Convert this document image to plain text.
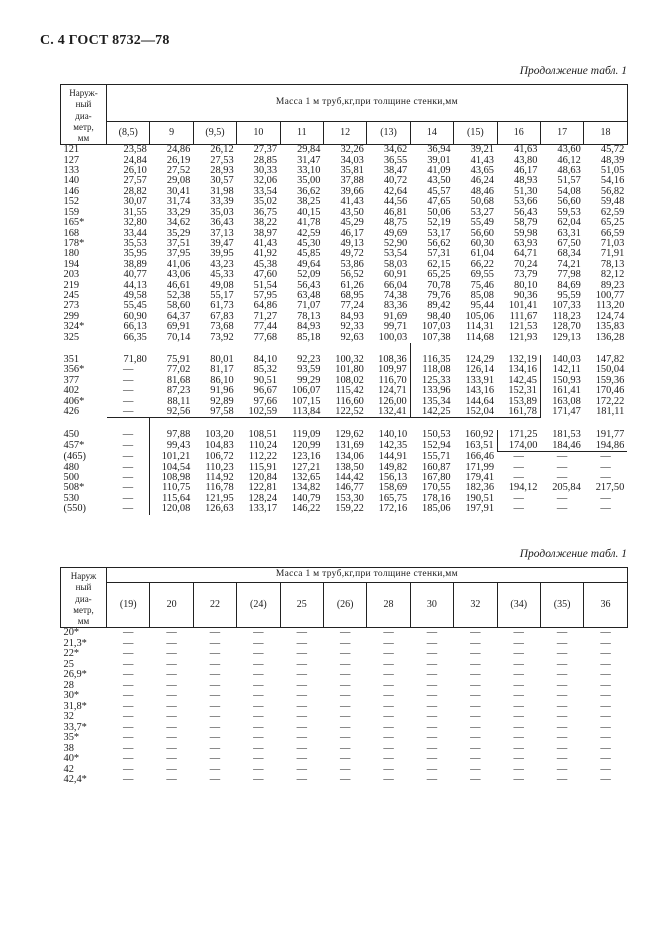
С. 4 ГОСТ 8732—78
Продолжение табл. 1
Продолжение табл. 1
Наруж-
ный
диа-
метр,
мм	Масса 1 м труб,кг,при толщине стенки,мм											
	(8,5)	9	(9,5)	10	11	12	(13)	14	(15)	16	17	18
121	23,58	24,86	26,12	27,37	29,84	32,26	34,62	36,94	39,21	41,63	43,60	45,72
127	24,84	26,19	27,53	28,85	31,47	34,03	36,55	39,01	41,43	43,80	46,12	48,39
133	26,10	27,52	28,93	30,33	33,10	35,81	38,47	41,09	43,65	46,17	48,63	51,05
140	27,57	29,08	30,57	32,06	35,00	37,88	40,72	43,50	46,24	48,93	51,57	54,16
146	28,82	30,41	31,98	33,54	36,62	39,66	42,64	45,57	48,46	51,30	54,08	56,82
152	30,07	31,74	33,39	35,02	38,25	41,43	44,56	47,65	50,68	53,66	56,60	59,48
159	31,55	33,29	35,03	36,75	40,15	43,50	46,81	50,06	53,27	56,43	59,53	62,59
165*	32,80	34,62	36,43	38,22	41,78	45,29	48,75	52,19	55,49	58,79	62,04	65,25
168	33,44	35,29	37,13	38,97	42,59	46,17	49,69	53,17	56,60	59,98	63,31	66,59
178*	35,53	37,51	39,47	41,43	45,30	49,13	52,90	56,62	60,30	63,93	67,50	71,03
180	35,95	37,95	39,95	41,92	45,85	49,72	53,54	57,31	61,04	64,71	68,34	71,91
194	38,89	41,06	43,23	45,38	49,64	53,86	58,03	62,15	66,22	70,24	74,21	78,13
203	40,77	43,06	45,33	47,60	52,09	56,52	60,91	65,25	69,55	73,79	77,98	82,12
219	44,13	46,61	49,08	51,54	56,43	61,26	66,04	70,78	75,46	80,10	84,69	89,23
245	49,58	52,38	55,17	57,95	63,48	68,95	74,38	79,76	85,08	90,36	95,59	100,77
273	55,45	58,60	61,73	64,86	71,07	77,24	83,36	89,42	95,44	101,41	107,33	113,20
299	60,90	64,37	67,83	71,27	78,13	84,93	91,69	98,40	105,06	111,67	118,23	124,74
324*	66,13	69,91	73,68	77,44	84,93	92,33	99,71	107,03	114,31	121,53	128,70	135,83
325	66,35	70,14	73,92	77,68	85,18	92,63	100,03	107,38	114,68	121,93	129,13	136,28

351	71,80	75,91	80,01	84,10	92,23	100,32	108,36	116,35	124,29	132,19	140,03	147,82
356*	—	77,02	81,17	85,32	93,59	101,80	109,97	118,08	126,14	134,16	142,11	150,04
377	—	81,68	86,10	90,51	99,29	108,02	116,70	125,33	133,91	142,45	150,93	159,36
402	—	87,23	91,96	96,67	106,07	115,42	124,71	133,96	143,16	152,31	161,41	170,46
406*	—	88,11	92,89	97,66	107,15	116,60	126,00	135,34	144,64	153,89	163,08	172,22
426	—	92,56	97,58	102,59	113,84	122,52	132,41	142,25	152,04	161,78	171,47	181,11

450	—	97,88	103,20	108,51	119,09	129,62	140,10	150,53	160,92	171,25	181,53	191,77
457*	—	99,43	104,83	110,24	120,99	131,69	142,35	152,94	163,51	174,00	184,46	194,86
(465)	—	101,21	106,72	112,22	123,16	134,06	144,91	155,71	166,46	—	—	—
480	—	104,54	110,23	115,91	127,21	138,50	149,82	160,87	171,99	—	—	—
500	—	108,98	114,92	120,84	132,65	144,42	156,13	167,80	179,41	—	—	—
508*	—	110,75	116,78	122,81	134,82	146,77	158,69	170,55	182,36	194,12	205,84	217,50
530	—	115,64	121,95	128,24	140,79	153,30	165,75	178,16	190,51	—	—	—
(550)	—	120,08	126,63	133,17	146,22	159,22	172,16	185,06	197,91	—	—	—
Наруж
ный
диа-
метр,
мм	Масса 1 м труб,кг,при толщине стенки,мм											
	(19)	20	22	(24)	25	(26)	28	30	32	(34)	(35)	36
20*	—	—	—	—	—	—	—	—	—	—	—	—
21,3*	—	—	—	—	—	—	—	—	—	—	—	—
22*	—	—	—	—	—	—	—	—	—	—	—	—
25	—	—	—	—	—	—	—	—	—	—	—	—
26,9*	—	—	—	—	—	—	—	—	—	—	—	—
28	—	—	—	—	—	—	—	—	—	—	—	—
30*	—	—	—	—	—	—	—	—	—	—	—	—
31,8*	—	—	—	—	—	—	—	—	—	—	—	—
32	—	—	—	—	—	—	—	—	—	—	—	—
33,7*	—	—	—	—	—	—	—	—	—	—	—	—
35*	—	—	—	—	—	—	—	—	—	—	—	—
38	—	—	—	—	—	—	—	—	—	—	—	—
40*	—	—	—	—	—	—	—	—	—	—	—	—
42	—	—	—	—	—	—	—	—	—	—	—	—
42,4*	—	—	—	—	—	—	—	—	—	—	—	—
